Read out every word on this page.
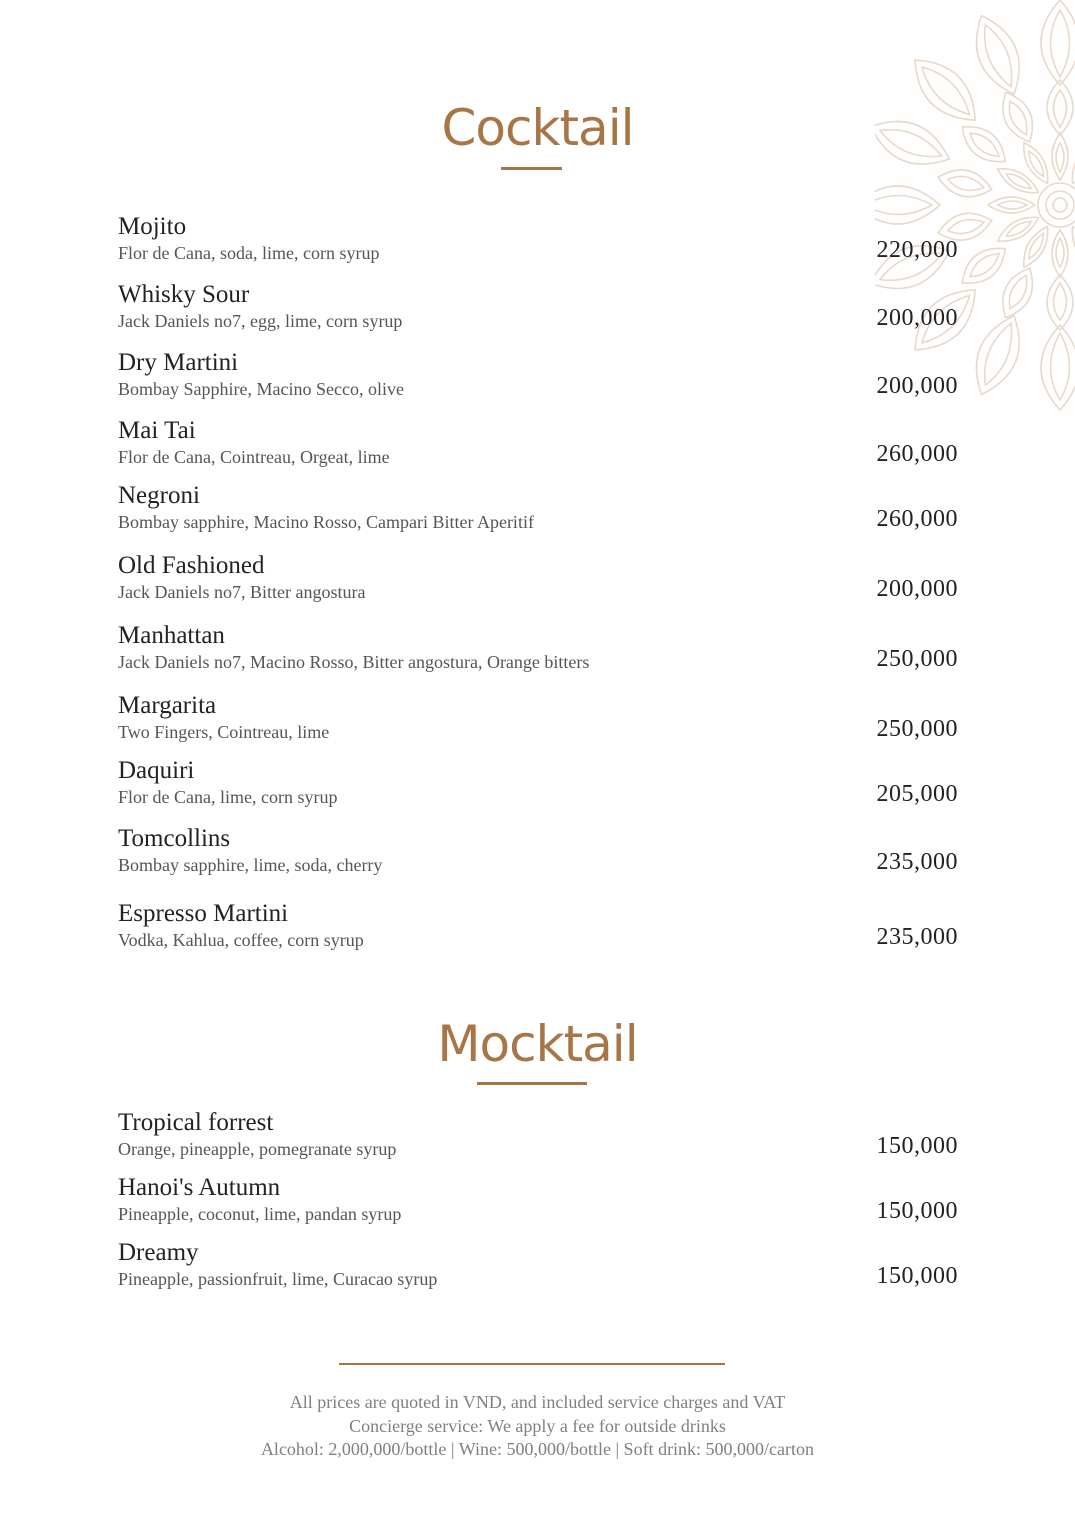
Cocktail
Mojito
Flor de Cana, soda, lime, corn syrup	220,000
Whisky Sour
Jack Daniels no7, egg, lime, corn syrup	200,000
Dry Martini
Bombay Sapphire, Macino Secco, olive	200,000
Mai Tai
Flor de Cana, Cointreau, Orgeat, lime	260,000
Negroni
Bombay sapphire, Macino Rosso, Campari Bitter Aperitif	260,000
Old Fashioned
Jack Daniels no7, Bitter angostura	200,000
Manhattan
Jack Daniels no7, Macino Rosso, Bitter angostura, Orange bitters	250,000
Margarita
Two Fingers, Cointreau, lime	250,000
Daquiri
Flor de Cana, lime, corn syrup	205,000
Tomcollins
Bombay sapphire, lime, soda, cherry	235,000
Espresso Martini
Vodka, Kahlua, coffee, corn syrup	235,000
Mocktail
Tropical forrest
Orange, pineapple, pomegranate syrup	150,000
Hanoi's Autumn
Pineapple, coconut, lime, pandan syrup	150,000
Dreamy
Pineapple, passionfruit, lime, Curacao syrup	150,000
All prices are quoted in VND, and included service charges and VAT
Concierge service: We apply a fee for outside drinks
Alcohol: 2,000,000/bottle | Wine: 500,000/bottle | Soft drink: 500,000/carton
